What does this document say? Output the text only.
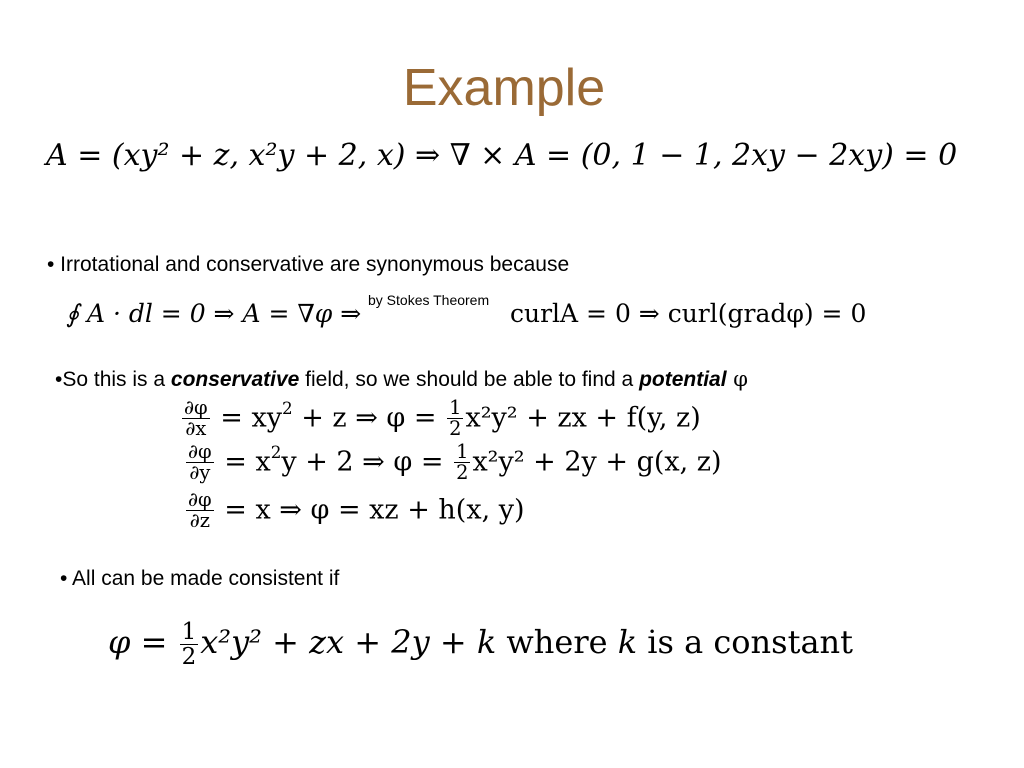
Example
A = (xy² + z, x²y + 2, x) ⇒ ∇ × A = (0, 1 − 1, 2xy − 2xy) = 0
• Irrotational and conservative are synonymous because
∮ A · dl = 0 ⇒ A = ∇φ ⇒ by Stokes Theorem curlA = 0 ⇒ curl(gradφ) = 0
•So this is a conservative field, so we should be able to find a potential φ
$\frac{\partial\varphi}{\partial x} = xy^2 + z$ ⇒ $\varphi = \frac{1}{2} x^2y^2$ + zx + f(y, z)
$\frac{\partial\varphi}{\partial y} = x^2y + 2$ ⇒ $\varphi = \frac{1}{2} x^2y^2 + 2y + g(x$, z)
$\frac{\partial\varphi}{\partial z} = x$ ⇒ φ = xz + h(x, y)
• All can be made consistent if
$\varphi = \frac{1}{2} x^2y^2$ + zx + 2y + k where k is a constant
